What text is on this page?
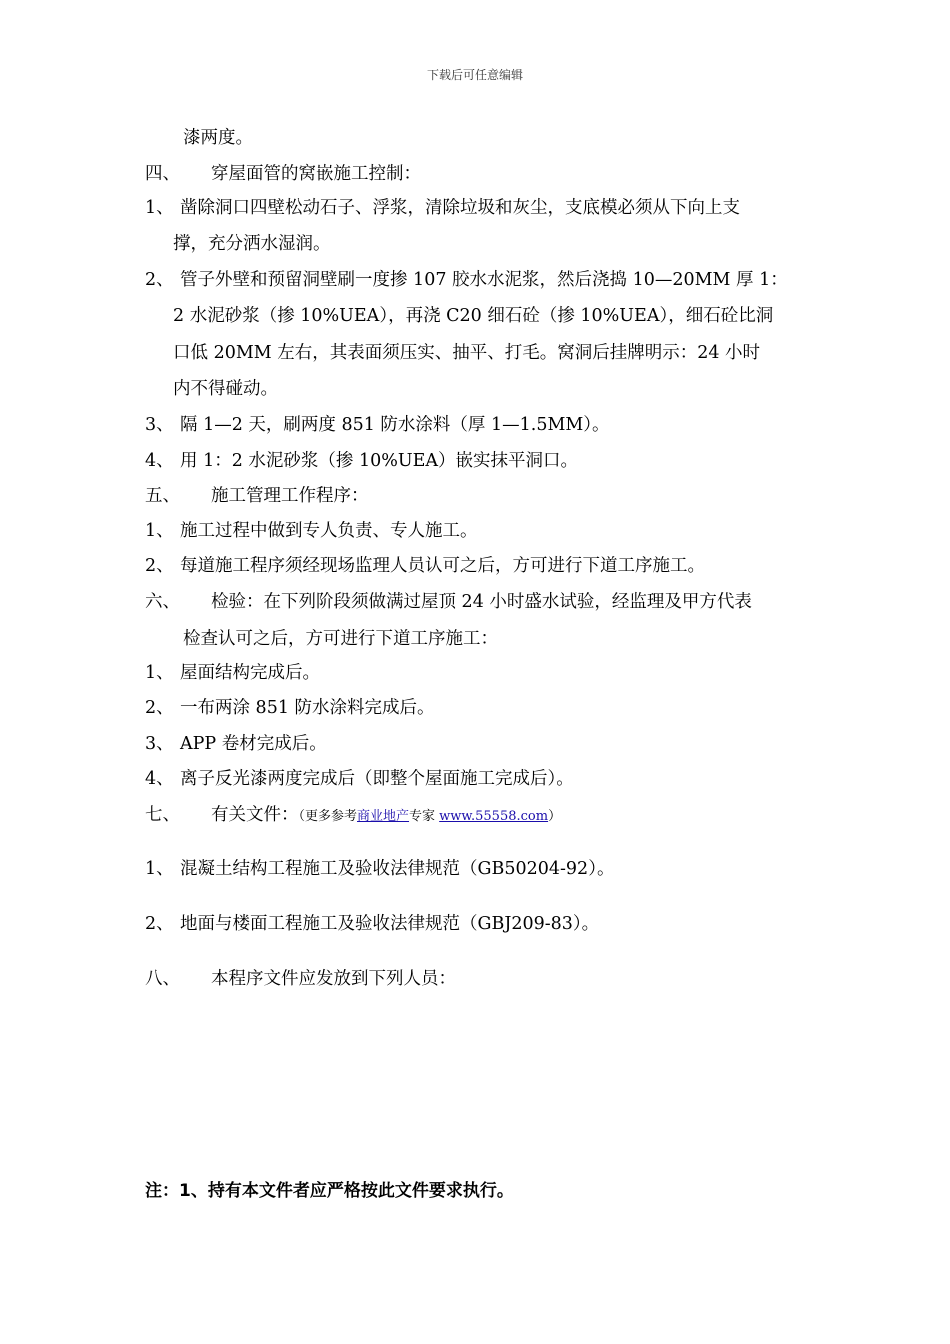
下载后可任意编辑
漆两度。
四、 穿屋面管的窝嵌施工控制：
1、 凿除洞口四壁松动石子、浮浆，清除垃圾和灰尘，支底模必须从下向上支
撑，充分洒水湿润。
2、 管子外壁和预留洞壁刷一度掺 107 胶水水泥浆，然后浇捣 10—20MM 厚 1：
2 水泥砂浆（掺 10%UEA），再浇 C20 细石砼（掺 10%UEA），细石砼比洞
口低 20MM 左右，其表面须压实、抽平、打毛。窝洞后挂牌明示：24 小时
内不得碰动。
3、 隔 1—2 天，刷两度 851 防水涂料（厚 1—1.5MM）。
4、 用 1：2 水泥砂浆（掺 10%UEA）嵌实抹平洞口。
五、 施工管理工作程序：
1、 施工过程中做到专人负责、专人施工。
2、 每道施工程序须经现场监理人员认可之后，方可进行下道工序施工。
六、 检验：在下列阶段须做满过屋顶 24 小时盛水试验，经监理及甲方代表
检查认可之后，方可进行下道工序施工：
1、 屋面结构完成后。
2、 一布两涂 851 防水涂料完成后。
3、 APP 卷材完成后。
4、 离子反光漆两度完成后（即整个屋面施工完成后）。
七、 有关文件：（更多参考商业地产专家 www.55558.com）
1、 混凝土结构工程施工及验收法律规范（GB50204-92）。
2、 地面与楼面工程施工及验收法律规范（GBJ209-83）。
八、 本程序文件应发放到下列人员：
注：1、持有本文件者应严格按此文件要求执行。
